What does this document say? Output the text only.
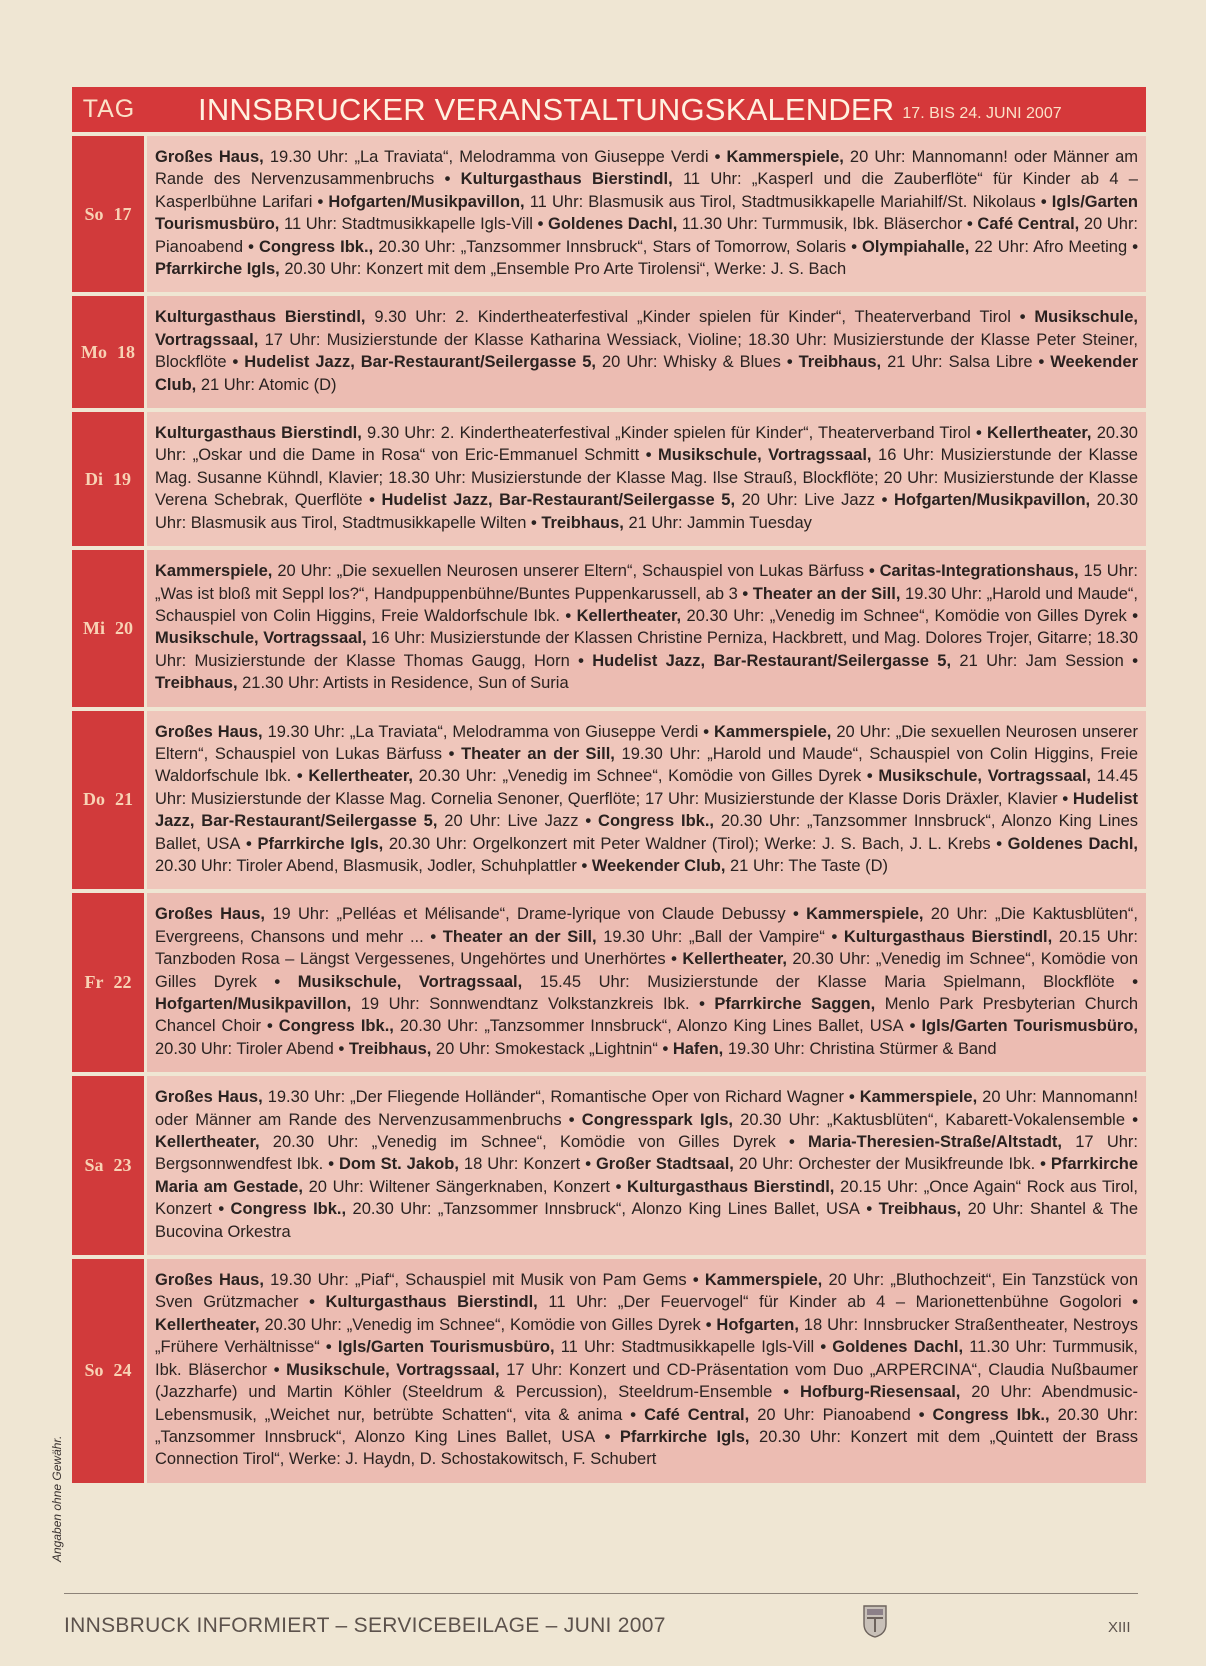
TAG	INNSBRUCKER VERANSTALTUNGSKALENDER 17. BIS 24. JUNI 2007
So 17
Großes Haus, 19.30 Uhr: „La Traviata“, Melodramma von Giuseppe Verdi • Kammerspiele, 20 Uhr: Mannomann! oder Männer am Rande des Nervenzusammenbruchs • Kulturgasthaus Bierstindl, 11 Uhr: „Kasperl und die Zauberflöte“ für Kinder ab 4 – Kasperlbühne Larifari • Hofgarten/Musikpavillon, 11 Uhr: Blasmusik aus Tirol, Stadtmusikkapelle Mariahilf/St. Nikolaus • Igls/Garten Tourismusbüro, 11 Uhr: Stadtmusikkapelle Igls-Vill • Goldenes Dachl, 11.30 Uhr: Turmmusik, Ibk. Bläserchor • Café Central, 20 Uhr: Pianoabend • Congress Ibk., 20.30 Uhr: „Tanzsommer Innsbruck“, Stars of Tomorrow, Solaris • Olympiahalle, 22 Uhr: Afro Meeting • Pfarrkirche Igls, 20.30 Uhr: Konzert mit dem „Ensemble Pro Arte Tirolensi“, Werke: J. S. Bach
Mo 18
Kulturgasthaus Bierstindl, 9.30 Uhr: 2. Kindertheaterfestival „Kinder spielen für Kinder“, Theaterverband Tirol • Musikschule, Vortragssaal, 17 Uhr: Musizierstunde der Klasse Katharina Wessiack, Violine; 18.30 Uhr: Musizierstunde der Klasse Peter Steiner, Blockflöte • Hudelist Jazz, Bar-Restaurant/Seilergasse 5, 20 Uhr: Whisky & Blues • Treibhaus, 21 Uhr: Salsa Libre • Weekender Club, 21 Uhr: Atomic (D)
Di 19
Kulturgasthaus Bierstindl, 9.30 Uhr: 2. Kindertheaterfestival „Kinder spielen für Kinder“, Theaterverband Tirol • Kellertheater, 20.30 Uhr: „Oskar und die Dame in Rosa“ von Eric-Emmanuel Schmitt • Musikschule, Vortragssaal, 16 Uhr: Musizierstunde der Klasse Mag. Susanne Kühndl, Klavier; 18.30 Uhr: Musizierstunde der Klasse Mag. Ilse Strauß, Blockflöte; 20 Uhr: Musizierstunde der Klasse Verena Schebrak, Querflöte • Hudelist Jazz, Bar-Restaurant/Seilergasse 5, 20 Uhr: Live Jazz • Hofgarten/Musikpavillon, 20.30 Uhr: Blasmusik aus Tirol, Stadtmusikkapelle Wilten • Treibhaus, 21 Uhr: Jammin Tuesday
Mi 20
Kammerspiele, 20 Uhr: „Die sexuellen Neurosen unserer Eltern“, Schauspiel von Lukas Bärfuss • Caritas-Integrationshaus, 15 Uhr: „Was ist bloß mit Seppl los?“, Handpuppenbühne/Buntes Puppenkarussell, ab 3 • Theater an der Sill, 19.30 Uhr: „Harold und Maude“, Schauspiel von Colin Higgins, Freie Waldorfschule Ibk. • Kellertheater, 20.30 Uhr: „Venedig im Schnee“, Komödie von Gilles Dyrek • Musikschule, Vortragssaal, 16 Uhr: Musizierstunde der Klassen Christine Perniza, Hackbrett, und Mag. Dolores Trojer, Gitarre; 18.30 Uhr: Musizierstunde der Klasse Thomas Gaugg, Horn • Hudelist Jazz, Bar-Restaurant/Seilergasse 5, 21 Uhr: Jam Session • Treibhaus, 21.30 Uhr: Artists in Residence, Sun of Suria
Do 21
Großes Haus, 19.30 Uhr: „La Traviata“, Melodramma von Giuseppe Verdi • Kammerspiele, 20 Uhr: „Die sexuellen Neurosen unserer Eltern“, Schauspiel von Lukas Bärfuss • Theater an der Sill, 19.30 Uhr: „Harold und Maude“, Schauspiel von Colin Higgins, Freie Waldorfschule Ibk. • Kellertheater, 20.30 Uhr: „Venedig im Schnee“, Komödie von Gilles Dyrek • Musikschule, Vortragssaal, 14.45 Uhr: Musizierstunde der Klasse Mag. Cornelia Senoner, Querflöte; 17 Uhr: Musizierstunde der Klasse Doris Dräxler, Klavier • Hudelist Jazz, Bar-Restaurant/Seilergasse 5, 20 Uhr: Live Jazz • Congress Ibk., 20.30 Uhr: „Tanzsommer Innsbruck“, Alonzo King Lines Ballet, USA • Pfarrkirche Igls, 20.30 Uhr: Orgelkonzert mit Peter Waldner (Tirol); Werke: J. S. Bach, J. L. Krebs • Goldenes Dachl, 20.30 Uhr: Tiroler Abend, Blasmusik, Jodler, Schuhplattler • Weekender Club, 21 Uhr: The Taste (D)
Fr 22
Großes Haus, 19 Uhr: „Pelléas et Mélisande“, Drame-lyrique von Claude Debussy • Kammerspiele, 20 Uhr: „Die Kaktusblüten“, Evergreens, Chansons und mehr ... • Theater an der Sill, 19.30 Uhr: „Ball der Vampire“ • Kulturgasthaus Bierstindl, 20.15 Uhr: Tanzboden Rosa – Längst Vergessenes, Ungehörtes und Unerhörtes • Kellertheater, 20.30 Uhr: „Venedig im Schnee“, Komödie von Gilles Dyrek • Musikschule, Vortragssaal, 15.45 Uhr: Musizierstunde der Klasse Maria Spielmann, Blockflöte • Hofgarten/Musikpavillon, 19 Uhr: Sonnwendtanz Volkstanzkreis Ibk. • Pfarrkirche Saggen, Menlo Park Presbyterian Church Chancel Choir • Congress Ibk., 20.30 Uhr: „Tanzsommer Innsbruck“, Alonzo King Lines Ballet, USA • Igls/Garten Tourismusbüro, 20.30 Uhr: Tiroler Abend • Treibhaus, 20 Uhr: Smokestack „Lightnin“ • Hafen, 19.30 Uhr: Christina Stürmer & Band
Sa 23
Großes Haus, 19.30 Uhr: „Der Fliegende Holländer“, Romantische Oper von Richard Wagner • Kammerspiele, 20 Uhr: Mannomann! oder Männer am Rande des Nervenzusammenbruchs • Congresspark Igls, 20.30 Uhr: „Kaktusblüten“, Kabarett-Vokalensemble • Kellertheater, 20.30 Uhr: „Venedig im Schnee“, Komödie von Gilles Dyrek • Maria-Theresien-Straße/Altstadt, 17 Uhr: Bergsonnwendfest Ibk. • Dom St. Jakob, 18 Uhr: Konzert • Großer Stadtsaal, 20 Uhr: Orchester der Musikfreunde Ibk. • Pfarrkirche Maria am Gestade, 20 Uhr: Wiltener Sängerknaben, Konzert • Kulturgasthaus Bierstindl, 20.15 Uhr: „Once Again“ Rock aus Tirol, Konzert • Congress Ibk., 20.30 Uhr: „Tanzsommer Innsbruck“, Alonzo King Lines Ballet, USA • Treibhaus, 20 Uhr: Shantel & The Bucovina Orkestra
So 24
Großes Haus, 19.30 Uhr: „Piaf“, Schauspiel mit Musik von Pam Gems • Kammerspiele, 20 Uhr: „Bluthochzeit“, Ein Tanzstück von Sven Grützmacher • Kulturgasthaus Bierstindl, 11 Uhr: „Der Feuervogel“ für Kinder ab 4 – Marionettenbühne Gogolori • Kellertheater, 20.30 Uhr: „Venedig im Schnee“, Komödie von Gilles Dyrek • Hofgarten, 18 Uhr: Innsbrucker Straßentheater, Nestroys „Frühere Verhältnisse“ • Igls/Garten Tourismusbüro, 11 Uhr: Stadtmusikkapelle Igls-Vill • Goldenes Dachl, 11.30 Uhr: Turmmusik, Ibk. Bläserchor • Musikschule, Vortragssaal, 17 Uhr: Konzert und CD-Präsentation vom Duo „ARPERCINA“, Claudia Nußbaumer (Jazzharfe) und Martin Köhler (Steeldrum & Percussion), Steeldrum-Ensemble • Hofburg-Riesensaal, 20 Uhr: Abendmusic-Lebensmusik, „Weichet nur, betrübte Schatten“, vita & anima • Café Central, 20 Uhr: Pianoabend • Congress Ibk., 20.30 Uhr: „Tanzsommer Innsbruck“, Alonzo King Lines Ballet, USA • Pfarrkirche Igls, 20.30 Uhr: Konzert mit dem „Quintett der Brass Connection Tirol“, Werke: J. Haydn, D. Schostakowitsch, F. Schubert
Angaben ohne Gewähr.
INNSBRUCK INFORMIERT – SERVICEBEILAGE – JUNI 2007	XIII
